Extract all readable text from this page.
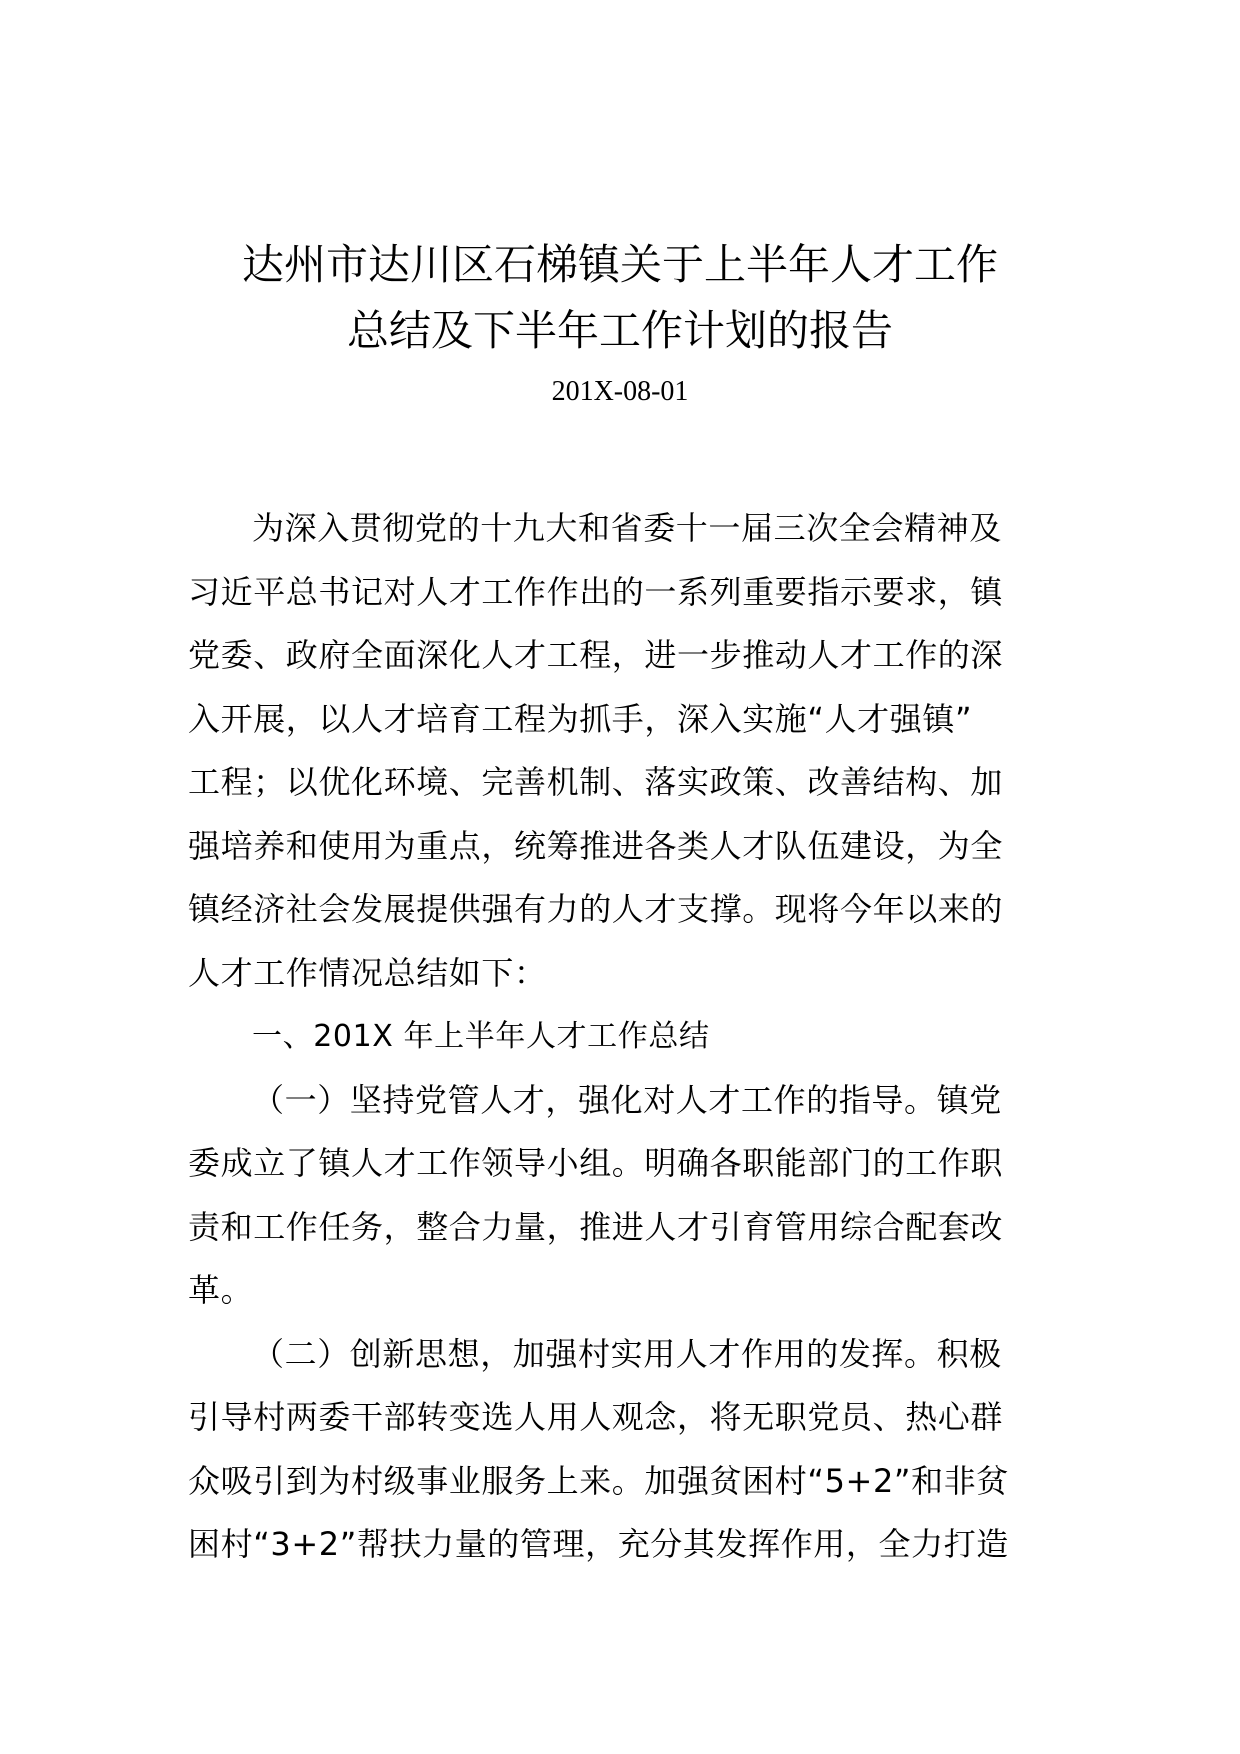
达州市达川区石梯镇关于上半年人才工作
总结及下半年工作计划的报告
201X-08-01
为深入贯彻党的十九大和省委十一届三次全会精神及
习近平总书记对人才工作作出的一系列重要指示要求，镇
党委、政府全面深化人才工程，进一步推动人才工作的深
入开展，以人才培育工程为抓手，深入实施“人才强镇”
工程；以优化环境、完善机制、落实政策、改善结构、加
强培养和使用为重点，统筹推进各类人才队伍建设，为全
镇经济社会发展提供强有力的人才支撑。现将今年以来的
人才工作情况总结如下：
一、201X 年上半年人才工作总结
（一）坚持党管人才，强化对人才工作的指导。镇党
委成立了镇人才工作领导小组。明确各职能部门的工作职
责和工作任务，整合力量，推进人才引育管用综合配套改
革。
（二）创新思想，加强村实用人才作用的发挥。积极
引导村两委干部转变选人用人观念，将无职党员、热心群
众吸引到为村级事业服务上来。加强贫困村“5+2”和非贫
困村“3+2”帮扶力量的管理，充分其发挥作用，全力打造
